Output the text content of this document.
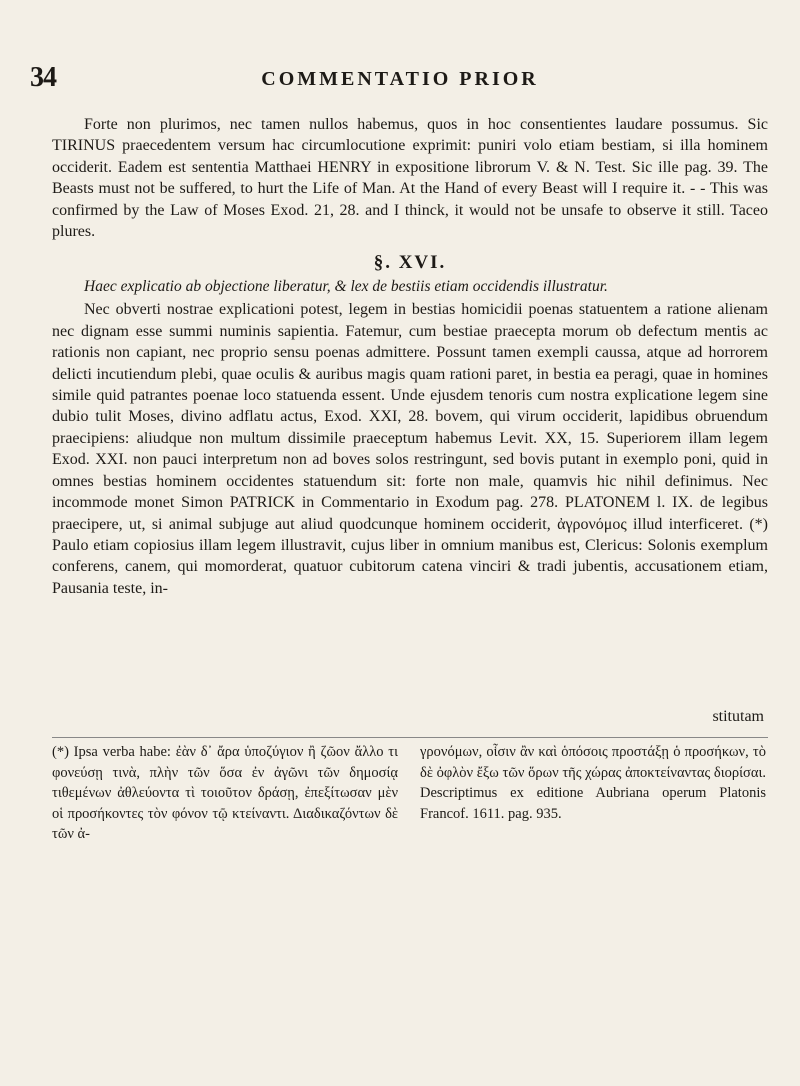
34	COMMENTATIO PRIOR

Forte non plurimos, nec tamen nullos habemus, quos in hoc consentientes laudare possumus. Sic TIRINUS praecedentem versum hac circumlocutione exprimit: puniri volo etiam bestiam, si illa hominem occiderit. Eadem est sententia Matthaei HENRY in expositione librorum V. & N. Test. Sic ille pag. 39. The Beasts must not be suffered, to hurt the Life of Man. At the Hand of every Beast will I require it. - - This was confirmed by the Law of Moses Exod. 21, 28. and I thinck, it would not be unsafe to observe it still. Taceo plures.

§. XVI.

Haec explicatio ab objectione liberatur, & lex de bestiis etiam occidendis illustratur.

Nec obverti nostrae explicationi potest, legem in bestias homicidii poenas statuentem a ratione alienam nec dignam esse summi numinis sapientia. Fatemur, cum bestiae praecepta morum ob defectum mentis ac rationis non capiant, nec proprio sensu poenas admittere. Possunt tamen exempli caussa, atque ad horrorem delicti incutiendum plebi, quae oculis & auribus magis quam rationi paret, in bestia ea peragi, quae in homines simile quid patrantes poenae loco statuenda essent. Unde ejusdem tenoris cum nostra explicatione legem sine dubio tulit Moses, divino adflatu actus, Exod. XXI, 28. bovem, qui virum occiderit, lapidibus obruendum praecipiens: aliudque non multum dissimile praeceptum habemus Levit. XX, 15. Superiorem illam legem Exod. XXI. non pauci interpretum non ad boves solos restringunt, sed bovis putant in exemplo poni, quid in omnes bestias hominem occidentes statuendum sit: forte non male, quamvis hic nihil definimus. Nec incommode monet Simon PATRICK in Commentario in Exodum pag. 278. PLATONEM l. IX. de legibus praecipere, ut, si animal subjuge aut aliud quodcunque hominem occiderit, ἀγρονόμος illud interficeret. (*) Paulo etiam copiosius illam legem illustravit, cujus liber in omnium manibus est, Clericus: Solonis exemplum conferens, canem, qui momorderat, quatuor cubitorum catena vinciri & tradi jubentis, accusationem etiam, Pausania teste, in-

stitutam
(*) Ipsa verba habe: ἐὰν δ᾽ ἄρα ὑποζύγιον ἢ ζῶον ἄλλο τι φονεύσῃ τινὰ, πλὴν τῶν ὅσα ἐν ἀγῶνι τῶν δημοσίᾳ τιθεμένων ἀθλεύοντα τὶ τοιοῦτον δράσῃ, ἐπεξίτωσαν μὲν οἱ προσήκοντες τὸν φόνον τῷ κτείναντι. Διαδικαζόντων δὲ τῶν ἀ-
γρονόμων, οἷσιν ἂν καὶ ὁπόσοις προστάξῃ ὁ προσήκων, τὸ δὲ ὀφλὸν ἔξω τῶν ὅρων τῆς χώρας ἀποκτείναντας διορίσαι. Descriptimus ex editione Aubriana operum Platonis Francof. 1611. pag. 935.
